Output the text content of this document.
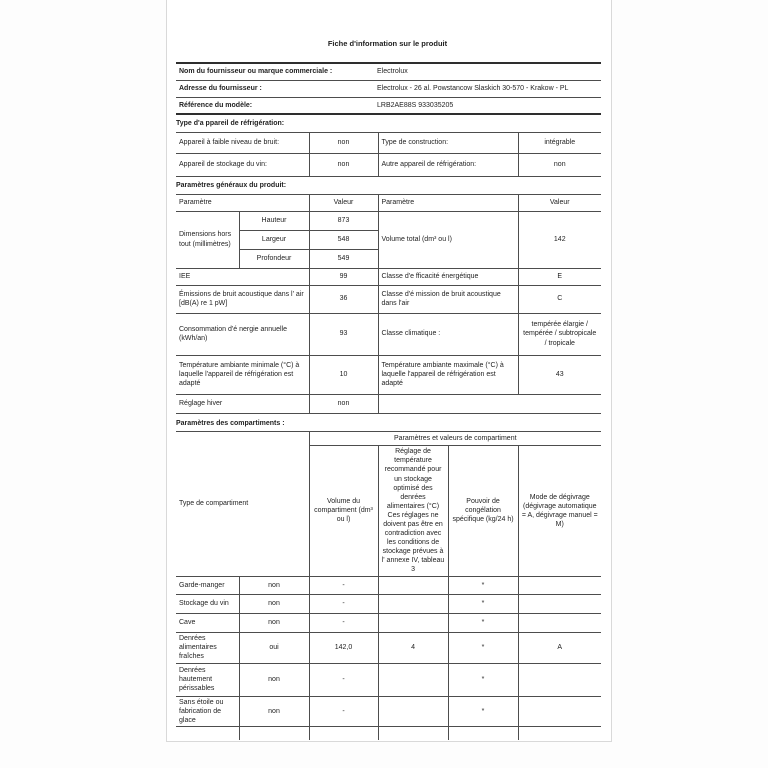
Fiche d'information sur le produit
Nom du fournisseur ou marque commerciale :	Electrolux
Adresse du fournisseur :	Electrolux - 26 al. Powstancow Slaskich 30-570 - Krakow - PL
Référence du modèle:	LRB2AE88S 933035205
Type d'a ppareil de réfrigération:
Appareil à faible niveau de bruit:	non	Type de construction:	intégrable
Appareil de stockage du vin:	non	Autre appareil de réfrigération:	non
Paramètres généraux du produit:
Paramètre		Valeur	Paramètre	Valeur
Dimensions hors tout (millimètres)	Hauteur	873	Volume total (dm³ ou l)	142
	Largeur	548		
	Profondeur	549		
IEE		99	Classe d'e fficacité énergétique	E
Émissions de bruit acoustique dans l' air [dB(A) re 1 pW]		36	Classe d'é mission de bruit acoustique dans l'air	C
Consommation d'é nergie annuelle (kWh/an)		93	Classe climatique :	tempérée élargie / tempérée / subtropicale / tropicale
Température ambiante minimale (°C) à laquelle l'appareil de réfrigération est adapté		10	Température ambiante maximale (°C) à laquelle l'appareil de réfrigération est adapté	43
Réglage hiver		non		
Paramètres des compartiments :
Type de compartiment		Paramètres et valeurs de compartiment			
		Volume du compartiment (dm³ ou l)	Réglage de température recommandé pour un stockage optimisé des denrées alimentaires (°C) Ces réglages ne doivent pas être en contradiction avec les conditions de stockage prévues à l' annexe IV, tableau 3	Pouvoir de congélation spécifique (kg/24 h)	Mode de dégivrage (dégivrage automatique = A, dégivrage manuel = M)
Garde-manger	non	-		*	
Stockage du vin	non	-		*	
Cave	non	-		*	
Denrées alimentaires fraîches	oui	142,0	4	*	A
Denrées hautement périssables	non	-		*	
Sans étoile ou fabrication de glace	non	-		*	
